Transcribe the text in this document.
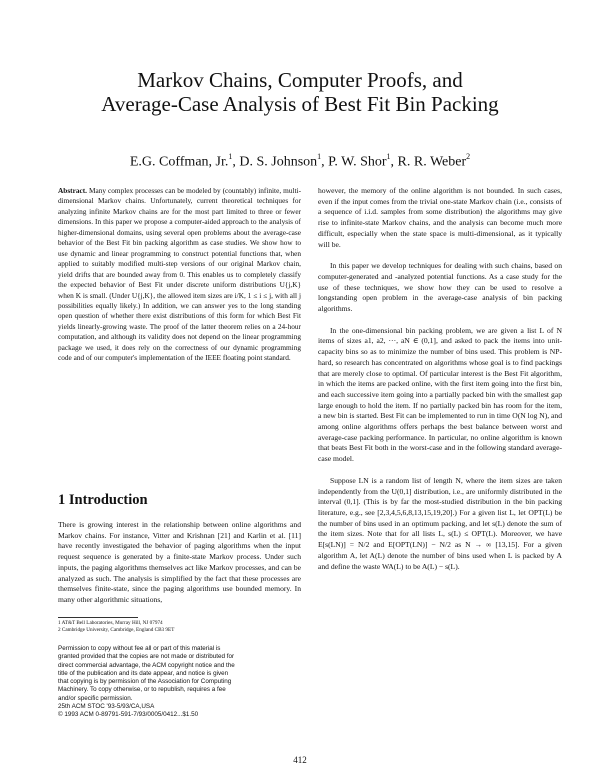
Markov Chains, Computer Proofs, and
Average-Case Analysis of Best Fit Bin Packing
E.G. Coffman, Jr.$^1$, D. S. Johnson$^1$, P. W. Shor$^1$, R. R. Weber$^2$

Abstract. Many complex processes can be modeled by (countably) infinite, multi-dimensional Markov chains. Unfortunately, current theoretical techniques for analyzing infinite Markov chains are for the most part limited to three or fewer dimensions. In this paper we propose a computer-aided approach to the analysis of higher-dimensional domains, using several open problems about the average-case behavior of the Best Fit bin packing algorithm as case studies. We show how to use dynamic and linear programming to construct potential functions that, when applied to suitably modified multi-step versions of our original Markov chain, yield drifts that are bounded away from 0. This enables us to completely classify the expected behavior of Best Fit under discrete uniform distributions U{j,K} when K is small. (Under U{j,K}, the allowed item sizes are i/K, 1 ≤ i ≤ j, with all j possibilities equally likely.) In addition, we can answer yes to the long standing open question of whether there exist distributions of this form for which Best Fit yields linearly-growing waste. The proof of the latter theorem relies on a 24-hour computation, and although its validity does not depend on the linear programming package we used, it does rely on the correctness of our dynamic programming code and of our computer's implementation of the IEEE floating point standard.

1 Introduction

There is growing interest in the relationship between online algorithms and Markov chains. For instance, Vitter and Krishnan [21] and Karlin et al. [11] have recently investigated the behavior of paging algorithms when the input request sequence is generated by a finite-state Markov process. Under such inputs, the paging algorithms themselves act like Markov processes, and can be analyzed as such. The analysis is simplified by the fact that these processes are themselves finite-state, since the paging algorithms use bounded memory. In many other algorithmic situations,

1 AT&T Bell Laboratories, Murray Hill, NJ 07974
2 Cambridge University, Cambridge, England CB3 9ET
Permission to copy without fee all or part of this material is
granted provided that the copies are not made or distributed for
direct commercial advantage, the ACM copyright notice and the
title of the publication and its date appear, and notice is given
that copying is by permission of the Association for Computing
Machinery. To copy otherwise, or to republish, requires a fee
and/or specific permission.
25th ACM STOC '93-5/93/CA,USA
© 1993 ACM 0-89791-591-7/93/0005/0412...$1.50

however, the memory of the online algorithm is not bounded. In such cases, even if the input comes from the trivial one-state Markov chain (i.e., consists of a sequence of i.i.d. samples from some distribution) the algorithms may give rise to infinite-state Markov chains, and the analysis can become much more difficult, especially when the state space is multi-dimensional, as it typically will be.

In this paper we develop techniques for dealing with such chains, based on computer-generated and -analyzed potential functions. As a case study for the use of these techniques, we show how they can be used to resolve a longstanding open problem in the average-case analysis of bin packing algorithms.

In the one-dimensional bin packing problem, we are given a list L of N items of sizes a1, a2, ···, aN ∈ (0,1], and asked to pack the items into unit-capacity bins so as to minimize the number of bins used. This problem is NP-hard, so research has concentrated on algorithms whose goal is to find packings that are merely close to optimal. Of particular interest is the Best Fit algorithm, in which the items are packed online, with the first item going into the first bin, and each successive item going into a partially packed bin with the smallest gap large enough to hold the item. If no partially packed bin has room for the item, a new bin is started. Best Fit can be implemented to run in time O(N log N), and among online algorithms offers perhaps the best balance between worst and average-case packing performance. In particular, no online algorithm is known that beats Best Fit both in the worst-case and in the following standard average-case model.

Suppose LN is a random list of length N, where the item sizes are taken independently from the U(0,1] distribution, i.e., are uniformly distributed in the interval (0,1]. (This is by far the most-studied distribution in the bin packing literature, e.g., see [2,3,4,5,6,8,13,15,19,20].) For a given list L, let OPT(L) be the number of bins used in an optimum packing, and let s(L) denote the sum of the item sizes. Note that for all lists L, s(L) ≤ OPT(L). Moreover, we have E[s(LN)] = N/2 and E[OPT(LN)] − N/2 as N → ∞ [13,15]. For a given algorithm A, let A(L) denote the number of bins used when L is packed by A and define the waste WA(L) to be A(L) − s(L).

412
